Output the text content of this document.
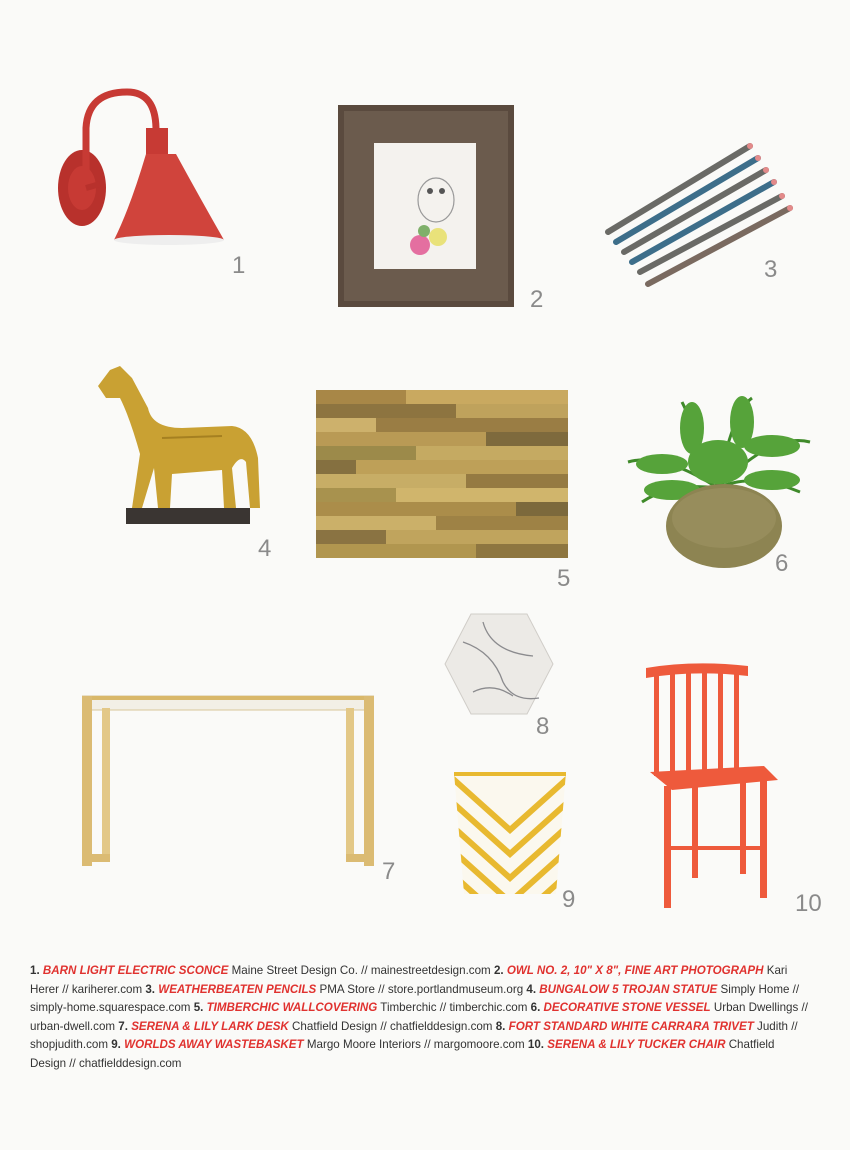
1
2
3
4
5
6
7
8
9	10
1. BARN LIGHT ELECTRIC SCONCE Maine Street Design Co. // mainestreetdesign.com 2. OWL NO. 2, 10" X 8", FINE ART PHOTOGRAPH Kari Herer // kariherer.com 3. WEATHERBEATEN PENCILS PMA Store // store.portlandmuseum.org 4. BUNGALOW 5 TROJAN STATUE Simply Home // simply-home.squarespace.com 5. TIMBERCHIC WALLCOVERING Timberchic // timberchic.com 6. DECORATIVE STONE VESSEL Urban Dwellings // urban-dwell.com 7. SERENA & LILY LARK DESK Chatfield Design // chatfielddesign.com 8. FORT STANDARD WHITE CARRARA TRIVET Judith // shopjudith.com 9. WORLDS AWAY WASTEBASKET Margo Moore Interiors // margomoore.com 10. SERENA & LILY TUCKER CHAIR Chatfield Design // chatfielddesign.com
